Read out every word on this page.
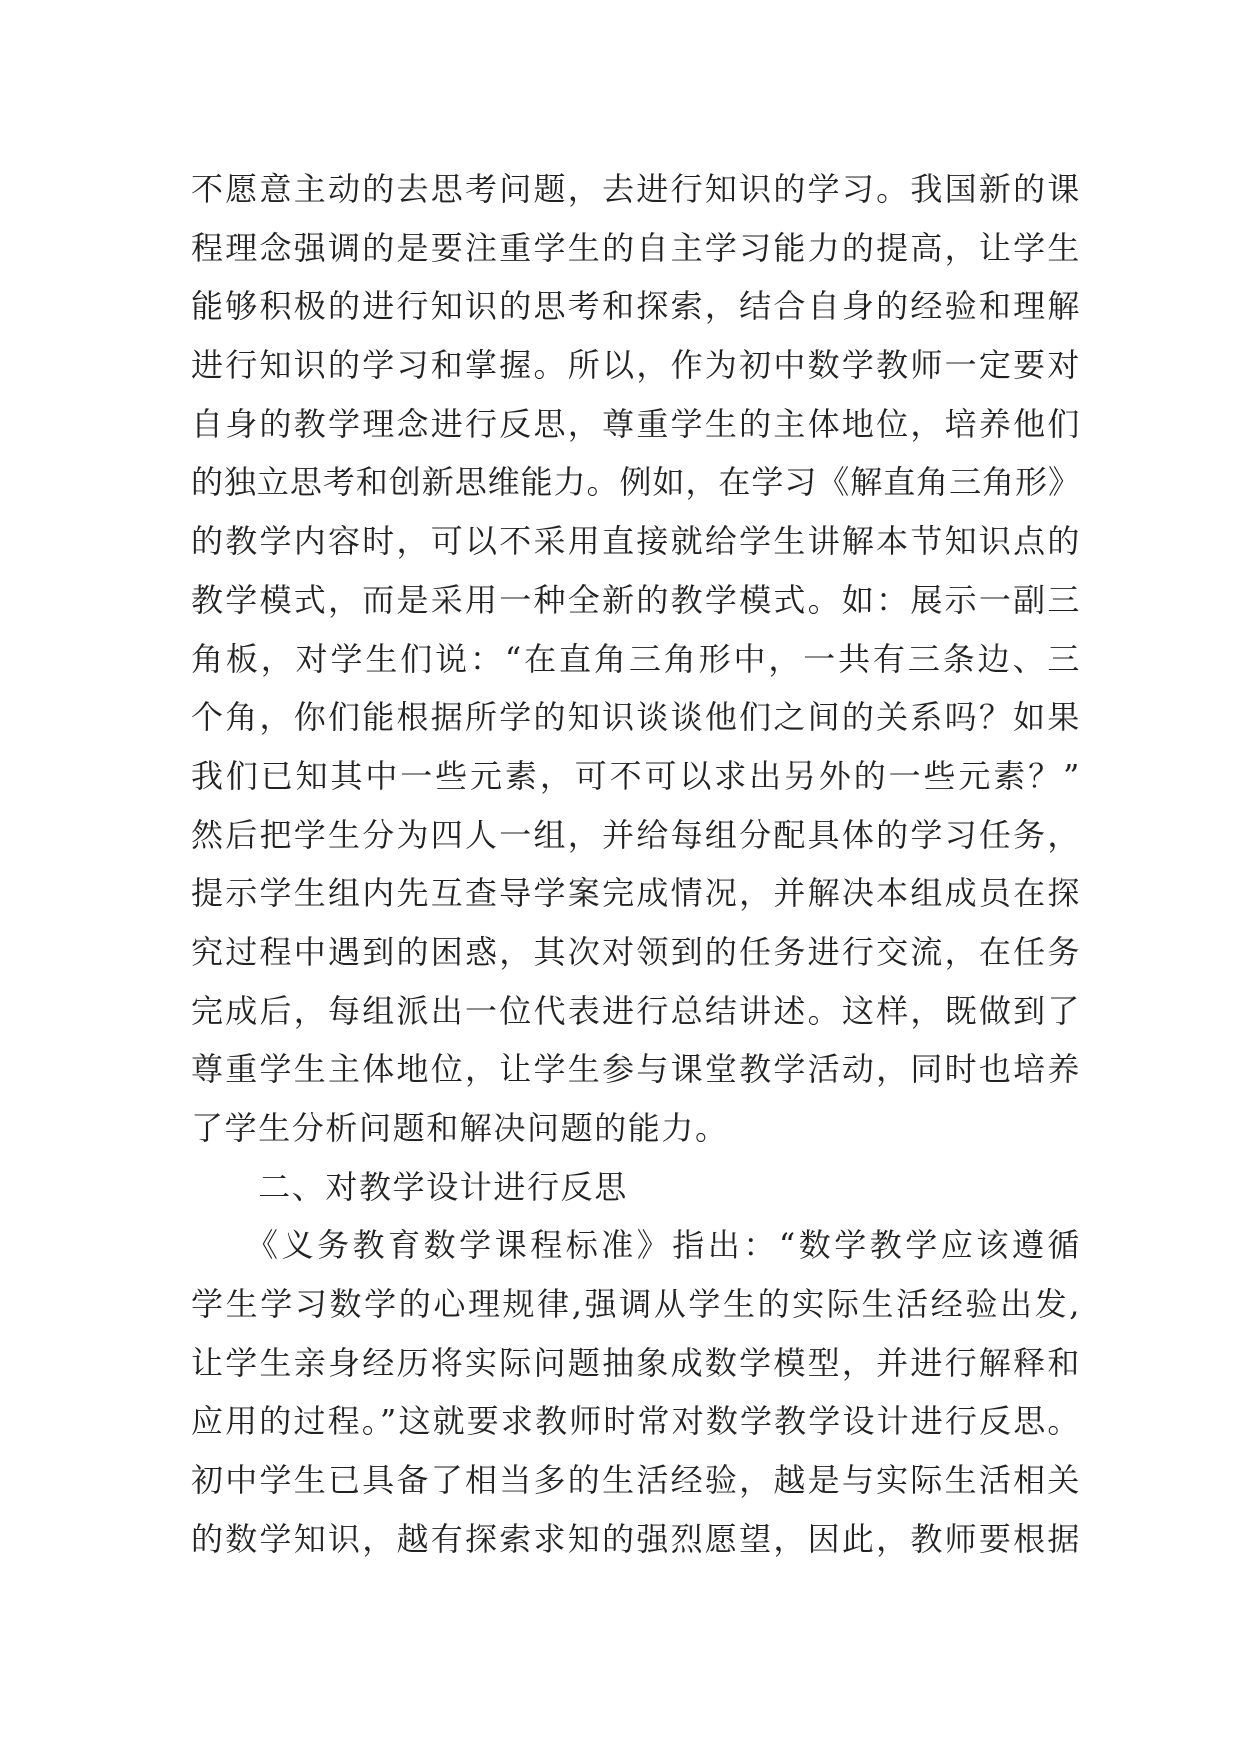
不愿意主动的去思考问题，去进行知识的学习。我国新的课
程理念强调的是要注重学生的自主学习能力的提高，让学生
能够积极的进行知识的思考和探索，结合自身的经验和理解
进行知识的学习和掌握。所以，作为初中数学教师一定要对
自身的教学理念进行反思，尊重学生的主体地位，培养他们
的独立思考和创新思维能力。例如，在学习《解直角三角形》
的教学内容时，可以不采用直接就给学生讲解本节知识点的
教学模式，而是采用一种全新的教学模式。如：展示一副三
角板，对学生们说：“在直角三角形中，一共有三条边、三
个角，你们能根据所学的知识谈谈他们之间的关系吗？如果
我们已知其中一些元素，可不可以求出另外的一些元素？”
然后把学生分为四人一组，并给每组分配具体的学习任务，
提示学生组内先互查导学案完成情况，并解决本组成员在探
究过程中遇到的困惑，其次对领到的任务进行交流，在任务
完成后，每组派出一位代表进行总结讲述。这样，既做到了
尊重学生主体地位，让学生参与课堂教学活动，同时也培养
了学生分析问题和解决问题的能力。
　　二、对教学设计进行反思
　　《义务教育数学课程标准》指出：“数学教学应该遵循
学生学习数学的心理规律,强调从学生的实际生活经验出发,
让学生亲身经历将实际问题抽象成数学模型，并进行解释和
应用的过程。”这就要求教师时常对数学教学设计进行反思。
初中学生已具备了相当多的生活经验，越是与实际生活相关
的数学知识，越有探索求知的强烈愿望，因此，教师要根据
